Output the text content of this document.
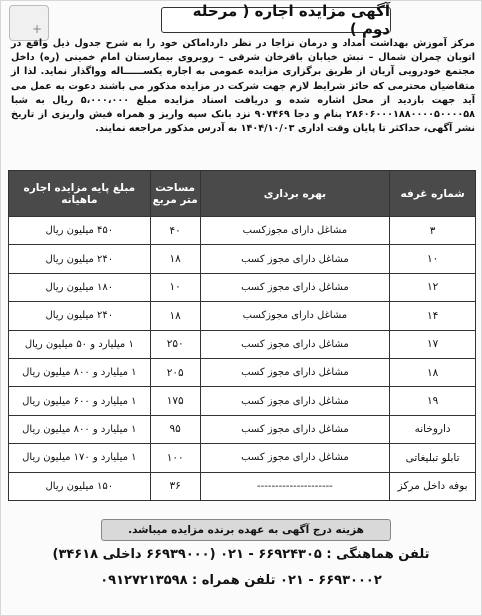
+
آگهی مزایده اجاره ( مرحله دوم )
مرکز آموزش بهداشت امداد و درمان نزاجا در نظر دارداماکن خود را به شرح جدول ذیل واقع در اتوبان چمران شمال – نبش خیابان باقرخان شرقی – روبروی بیمارستان امام خمینی (ره) داخل مجتمع خودرویی آریان از طریق برگزاری مزایده عمومی به اجاره یکســــــاله وواگذار نماید. لذا از متقاضیان محترمی که حائز شرایط لازم جهت شرکت در مزایده مذکور می باشند دعوت به عمل می آید جهت بازدید از محل اشاره شده و دریافت اسناد مزایده مبلغ ۵،۰۰۰،۰۰۰ ریال به شبا ۲۸۶۰۶۰۰۰۱۸۸۰۰۰۰۵۰۰۰۰۵۸ بنام و دجا ۹۰۷۴۶۹ نزد بانک سپه واریز و همراه فیش واریزی از تاریخ نشر آگهی، حداکثر تا پایان وقت اداری ۱۴۰۴/۱۰/۰۳ به آدرس مذکور مراجعه نمایند.
شماره غرفه	بهره برداری	مساحت متر مربع	مبلغ پایه مزایده اجاره ماهیانه
۳	مشاغل دارای مجوزکسب	۴۰	۴۵۰ میلیون ریال
۱۰	مشاغل دارای مجوز کسب	۱۸	۲۴۰ میلیون ریال
۱۲	مشاغل دارای مجوز کسب	۱۰	۱۸۰ میلیون ریال
۱۴	مشاغل دارای مجوزکسب	۱۸	۲۴۰ میلیون ریال
۱۷	مشاغل دارای مجوز کسب	۲۵۰	۱ میلیارد و ۵۰ میلیون ریال
۱۸	مشاغل دارای مجوز کسب	۲۰۵	۱ میلیارد و ۸۰۰ میلیون ریال
۱۹	مشاغل دارای مجوز کسب	۱۷۵	۱ میلیارد و ۶۰۰ میلیون ریال
داروخانه	مشاغل دارای مجوز کسب	۹۵	۱ میلیارد و ۸۰۰ میلیون ریال
تابلو تبلیغاتی	مشاغل دارای مجوز کسب	۱۰۰	۱ میلیارد و ۱۷۰ میلیون ریال
بوفه داخل مرکز	---------------------	۳۶	۱۵۰ میلیون ریال
هزینه درج آگهی به عهده برنده مزایده میباشد.
تلفن هماهنگی : ۶۶۹۲۴۳۰۵ - ۰۲۱ (۶۶۹۳۹۰۰۰ داخلی ۳۴۶۱۸)
۶۶۹۳۰۰۰۲ - ۰۲۱ تلفن همراه : ۰۹۱۲۷۲۱۳۵۹۸
